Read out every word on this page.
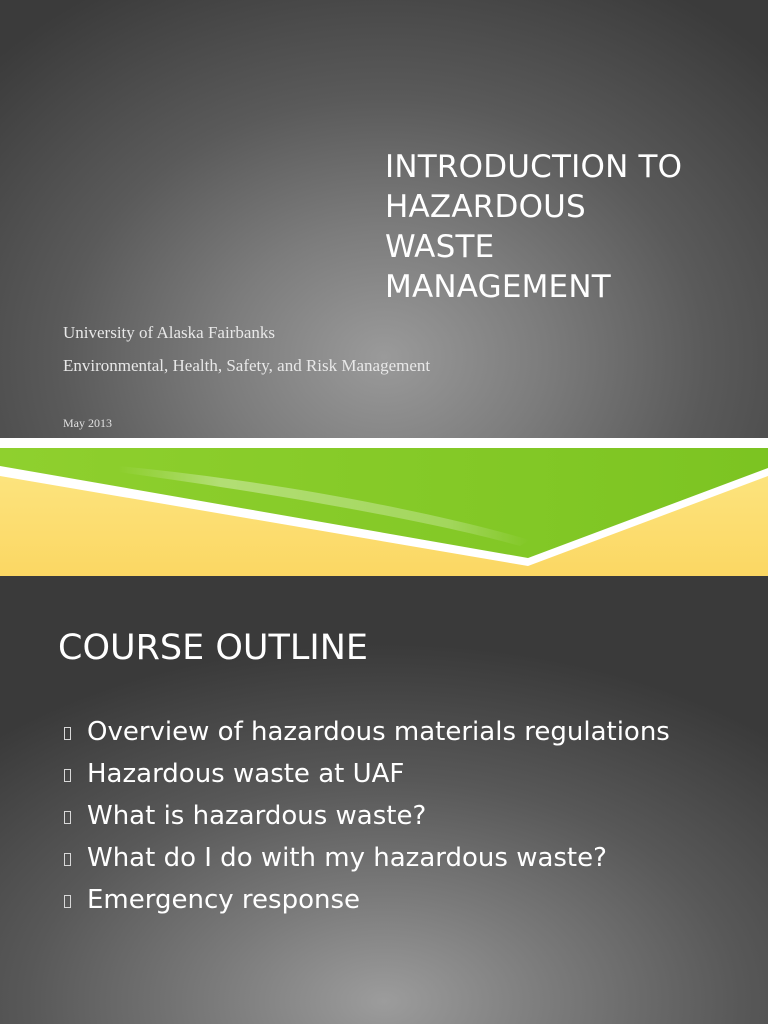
INTRODUCTION TO
HAZARDOUS
WASTE
MANAGEMENT
University of Alaska Fairbanks
Environmental, Health, Safety, and Risk Management
May 2013
COURSE OUTLINE
Overview of hazardous materials regulations
Hazardous waste at UAF
What is hazardous waste?
What do I do with my hazardous waste?
Emergency response
